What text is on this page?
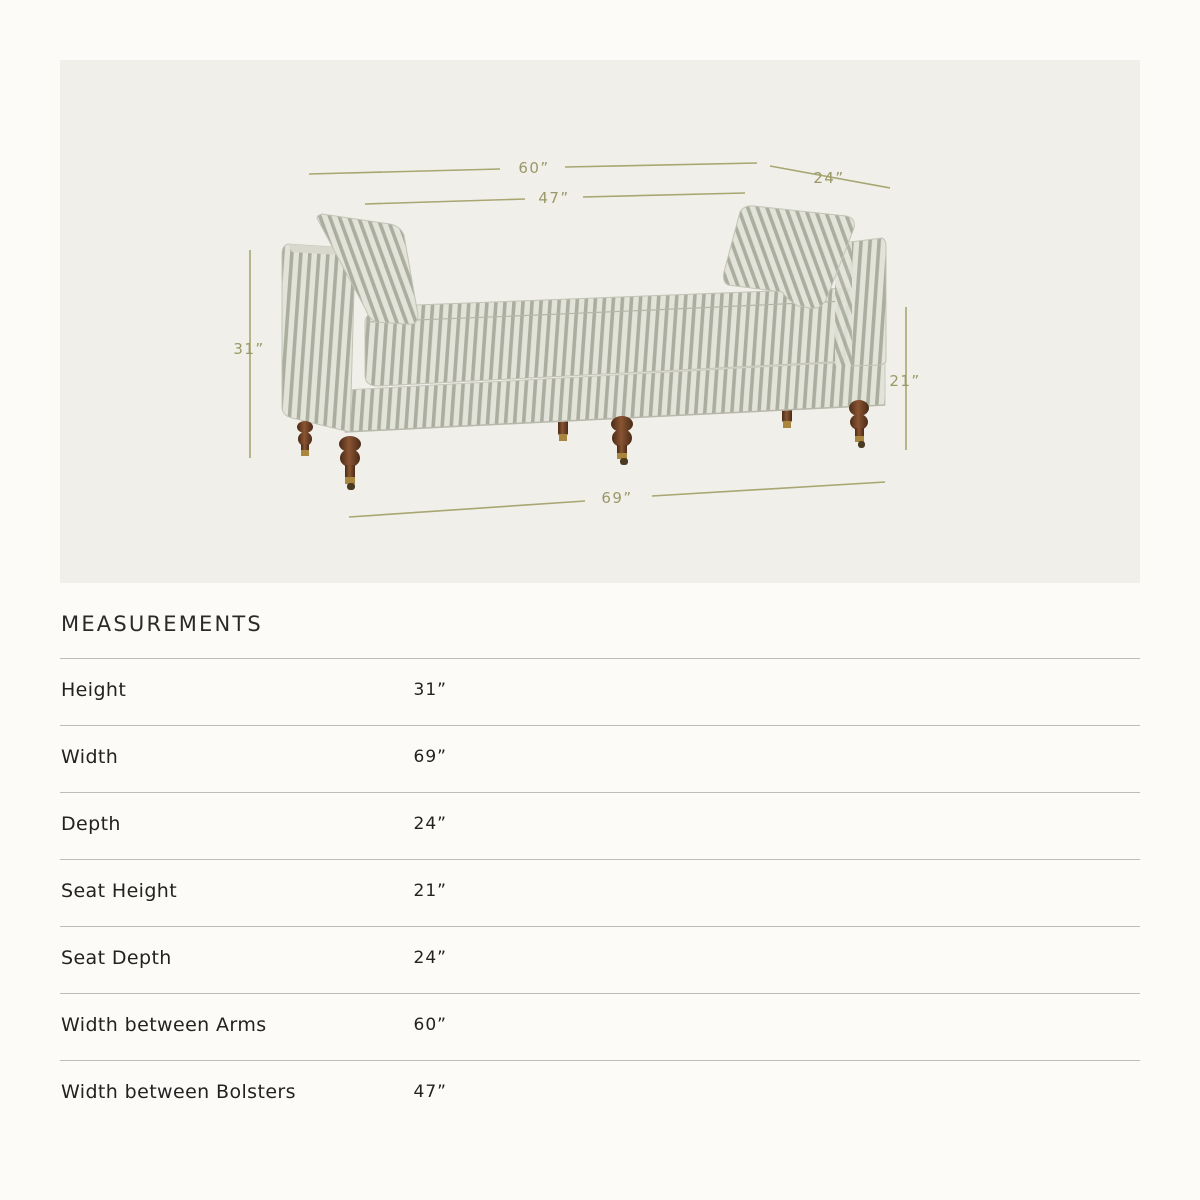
60”
24”
47”
31”
21”
69”
MEASUREMENTS
Height	31”
Width	69”
Depth	24”
Seat Height	21”
Seat Depth	24”
Width between Arms	60”
Width between Bolsters	47”
